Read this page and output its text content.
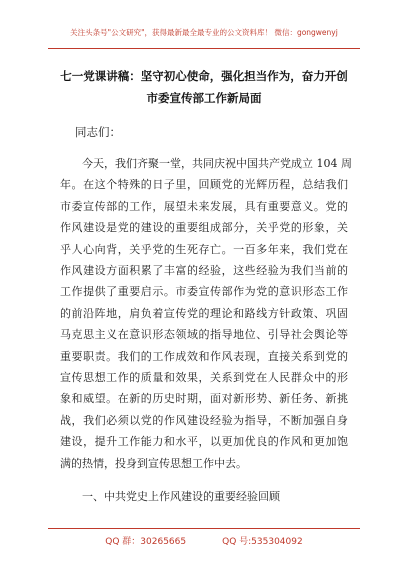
关注头条号"公文研究"，获得最新最全最专业的公文资料库！ 微信：gongwenyj
七一党课讲稿：坚守初心使命，强化担当作为，奋力开创
市委宣传部工作新局面
同志们：
今天，我们齐聚一堂，共同庆祝中国共产党成立 104 周
年。在这个特殊的日子里，回顾党的光辉历程，总结我们
市委宣传部的工作，展望未来发展，具有重要意义。党的
作风建设是党的建设的重要组成部分，关乎党的形象，关
乎人心向背，关乎党的生死存亡。一百多年来，我们党在
作风建设方面积累了丰富的经验，这些经验为我们当前的
工作提供了重要启示。市委宣传部作为党的意识形态工作
的前沿阵地，肩负着宣传党的理论和路线方针政策、巩固
马克思主义在意识形态领域的指导地位、引导社会舆论等
重要职责。我们的工作成效和作风表现，直接关系到党的
宣传思想工作的质量和效果，关系到党在人民群众中的形
象和威望。在新的历史时期，面对新形势、新任务、新挑
战，我们必须以党的作风建设经验为指导，不断加强自身
建设，提升工作能力和水平，以更加优良的作风和更加饱
满的热情，投身到宣传思想工作中去。
一、中共党史上作风建设的重要经验回顾
QQ 群：30265665	QQ 号:535304092
